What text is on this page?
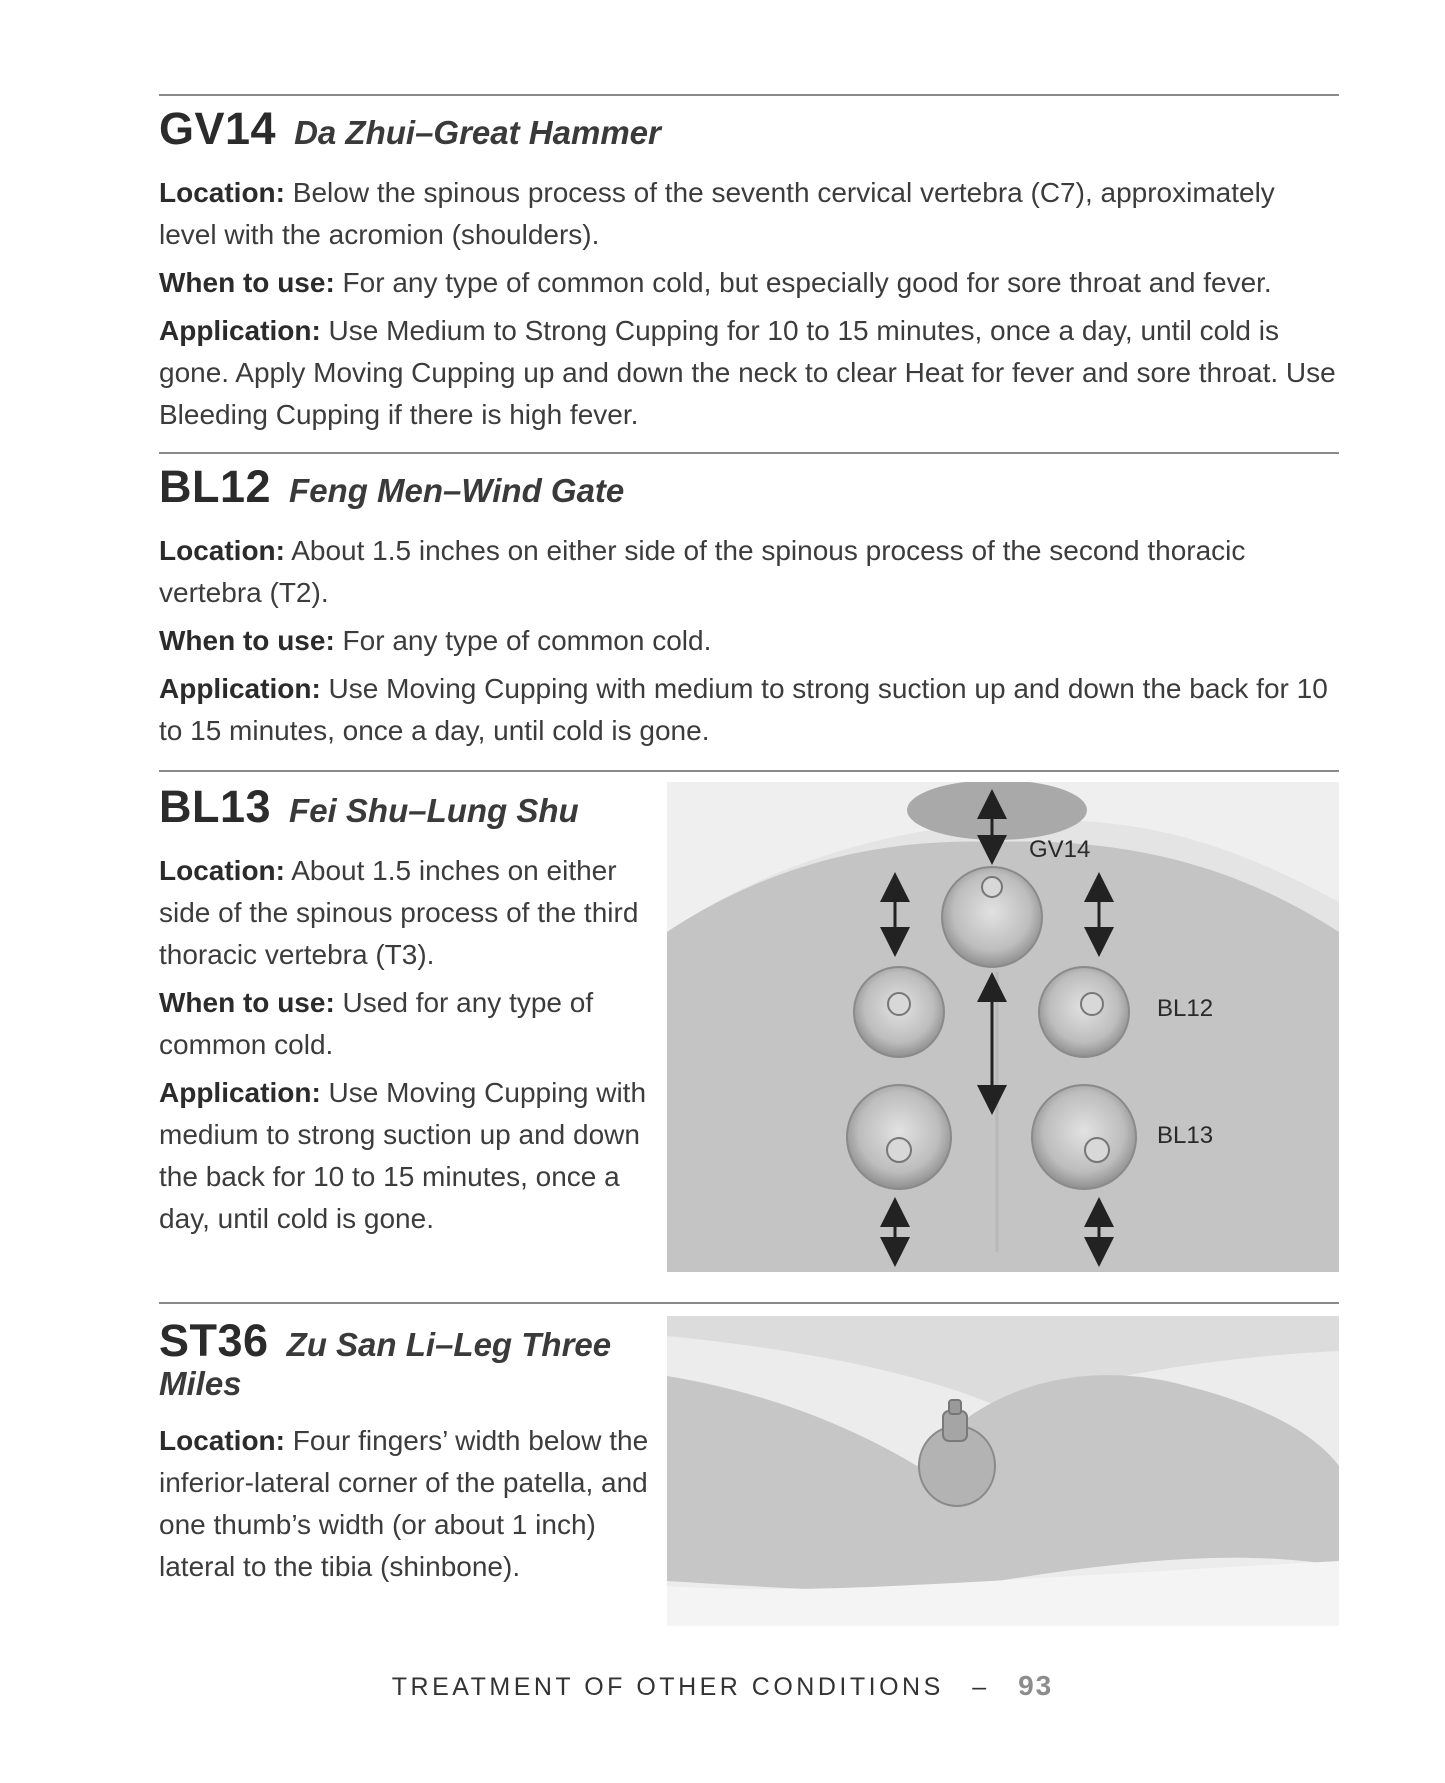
GV14 Da Zhui–Great Hammer

Location: Below the spinous process of the seventh cervical vertebra (C7), approximately level with the acromion (shoulders).

When to use: For any type of common cold, but especially good for sore throat and fever.

Application: Use Medium to Strong Cupping for 10 to 15 minutes, once a day, until cold is gone. Apply Moving Cupping up and down the neck to clear Heat for fever and sore throat. Use Bleeding Cupping if there is high fever.

BL12 Feng Men–Wind Gate

Location: About 1.5 inches on either side of the spinous process of the second thoracic vertebra (T2).

When to use: For any type of common cold.

Application: Use Moving Cupping with medium to strong suction up and down the back for 10 to 15 minutes, once a day, until cold is gone.

BL13 Fei Shu–Lung Shu

Location: About 1.5 inches on either side of the spinous process of the third thoracic vertebra (T3).

When to use: Used for any type of common cold.

Application: Use Moving Cupping with medium to strong suction up and down the back for 10 to 15 minutes, once a day, until cold is gone.

GV14
BL12
BL13
ST36 Zu San Li–Leg Three Miles

Location: Four fingers’ width below the inferior-lateral corner of the patella, and one thumb’s width (or about 1 inch) lateral to the tibia (shinbone).

TREATMENT OF OTHER CONDITIONS – 93
